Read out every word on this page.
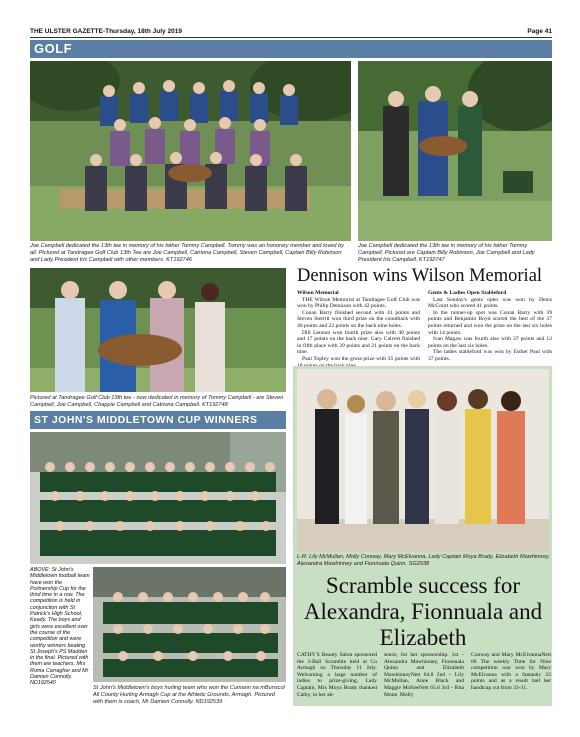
THE ULSTER GAZETTE-Thursday, 18th July 2019	Page 41
GOLF
Joe Campbell dedicated the 13th tee in memory of his father Tommy Campbell. Tommy was an honorary member and loved by all. Pictured at Tandragee Golf Club 13th Tee are Joe Campbell, Catriona Campbell, Steven Campbell, Captain Billy Robinson and Lady President Iris Campbell with other members. KT192746
Joe Campbell dedicated the 13th tee in memory of his father Tommy Campbell. Pictured are Captain Billy Robinson, Joe Campbell and Lady President Iris Campbell. KT192747
Pictured at Tandragee Golf Club 13th tee - now dedicated in memory of Tommy Campbell - are Steven Campbell, Joe Campbell, Chappie Campbell and Catriona Campbell. KT192748
Dennison wins Wilson Memorial

Wilson Memorial

THE Wilson Memorial at Tandragee Golf Club was won by Philip Dennison with 42 points.

Conan Barry finished second with 41 points and Steven Sterritt won third prize on the countback with 40 points and 22 points on the back nine holes.

Dill Lennon won fourth prize also with 40 points and 17 points on the back nine. Gary Calvert finished in fifth place with 39 points and 21 points on the back nine.

Paul Topley won the gross prize with 35 points with

Gents & Ladies Open Stableford

Last Sunday's gents open was won by Denis McCourt who scored 41 points.

In the runner-up spot was Conan Barry with 39 points and Benjamin Boyd scored the best of the 37 points returned and won the prize on the last six holes with 14 points.

Ivan Magaw was fourth also with 37 points and 12 points on the last six holes.

The ladies stableford was won by Esther Paul with 37 points.

L-R: Lily McMullan, Molly Conway, Mary McElvanna, Lady Captain Moya Brady, Elizabeth Mawhinney, Alexandra Mawhinney and Fionnuala Quinn. SG2938
Scramble success for Alexandra, Fionnuala and Elizabeth
CATHY'S Beauty Salon sponsored the 3-Ball Scramble held at Co Armagh on Thursday 11 July. Welcoming a large number of ladies to prize-giving, Lady Captain, Mrs Moya Brady thanked Cathy, in her ab-
sence, for her sponsorship. 1st – Alexandra Mawhinney, Fionnuala Quinn and Elizabeth MawhinneyNett 64.8 2nd – Lily McMullan, Anne Black and Maggie McKeeNett 65.6 3rd – Rita Mone, Molly
Conway and Mary McElvannaNett 66 The weekly Time for Nine competition was won by Mary McElvanna with a fantastic 22 points and as a result had her handicap cut from 33-31.
ST JOHN'S MIDDLETOWN CUP WINNERS
ABOVE: St John's Middletown football team have won the Portnership Cup for the third time in a row. The competition is held in conjunction with St Patrick's High School, Keady. The boys and girls were excellent over the course of the competition and were worthy winners beating St Joseph's PS Madden in the final. Pictured with them are teachers, Mrs Roma Carragher and Mr Damien Connolly. ND192540
St John's Middletown's boys hurling team who won the Cumann na mBunscol All County Hurling Armagh Cup at the Athletic Grounds, Armagh. Pictured with them is coach, Mr Damien Connolly. ND192539
